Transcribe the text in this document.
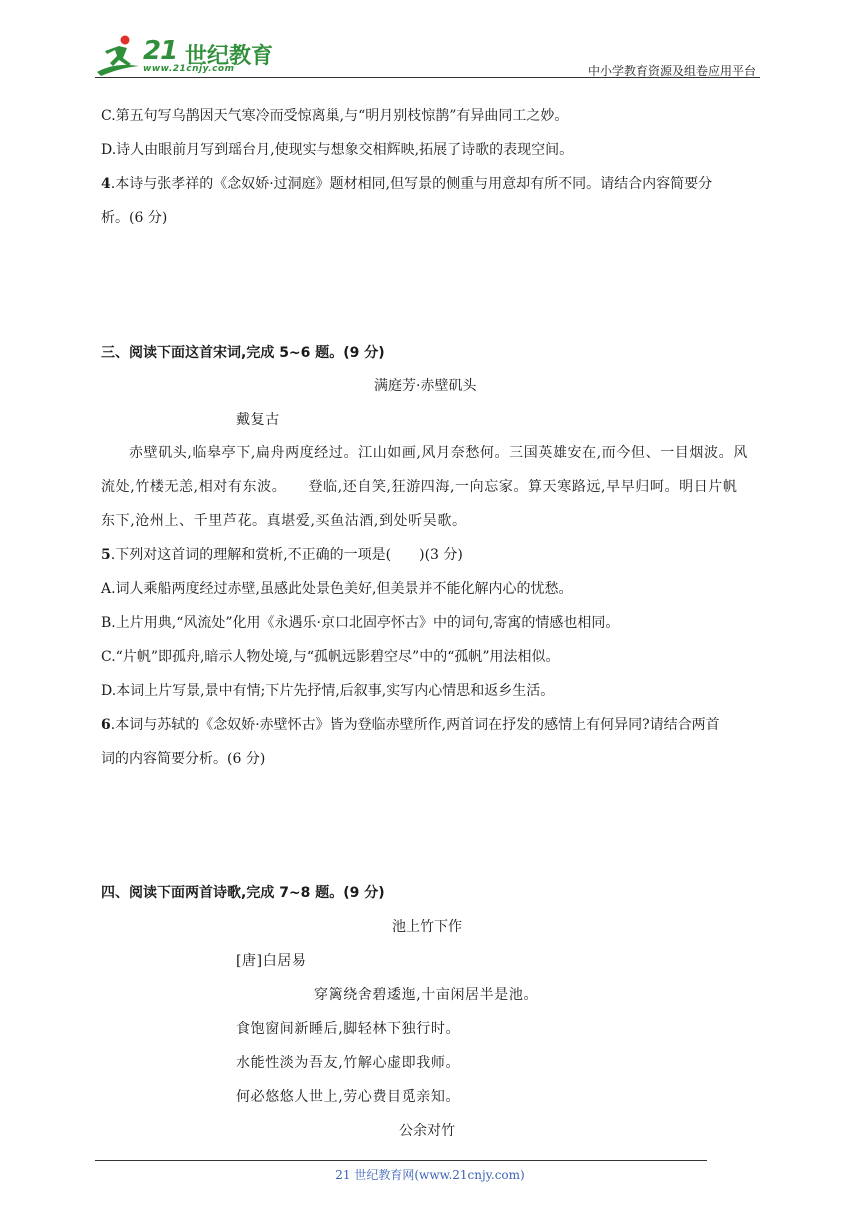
21 世纪教育
www.21cnjy.com	中小学教育资源及组卷应用平台
C.第五句写乌鹊因天气寒冷而受惊离巢,与“明月别枝惊鹊”有异曲同工之妙。
D.诗人由眼前月写到瑶台月,使现实与想象交相辉映,拓展了诗歌的表现空间。
4.本诗与张孝祥的《念奴娇·过洞庭》题材相同,但写景的侧重与用意却有所不同。请结合内容简要分
析。(6 分)
三、阅读下面这首宋词,完成 5~6 题。(9 分)
满庭芳·赤壁矶头
戴复古
赤壁矶头,临皋亭下,扁舟两度经过。江山如画,风月奈愁何。三国英雄安在,而今但、一目烟波。风
流处,竹楼无恙,相对有东波。　　登临,还自笑,狂游四海,一向忘家。算天寒路远,早早归呵。明日片帆
东下,沧州上、千里芦花。真堪爱,买鱼沽酒,到处听吴歌。
5.下列对这首词的理解和赏析,不正确的一项是(　　)(3 分)
A.词人乘船两度经过赤壁,虽感此处景色美好,但美景并不能化解内心的忧愁。
B.上片用典,“风流处”化用《永遇乐·京口北固亭怀古》中的词句,寄寓的情感也相同。
C.“片帆”即孤舟,暗示人物处境,与“孤帆远影碧空尽”中的“孤帆”用法相似。
D.本词上片写景,景中有情;下片先抒情,后叙事,实写内心情思和返乡生活。
6.本词与苏轼的《念奴娇·赤壁怀古》皆为登临赤壁所作,两首词在抒发的感情上有何异同?请结合两首
词的内容简要分析。(6 分)
四、阅读下面两首诗歌,完成 7~8 题。(9 分)
池上竹下作
[唐]白居易
穿篱绕舍碧逶迤,十亩闲居半是池。
食饱窗间新睡后,脚轻林下独行时。
水能性淡为吾友,竹解心虚即我师。
何必悠悠人世上,劳心费目觅亲知。
公余对竹
21 世纪教育网(www.21cnjy.com)
